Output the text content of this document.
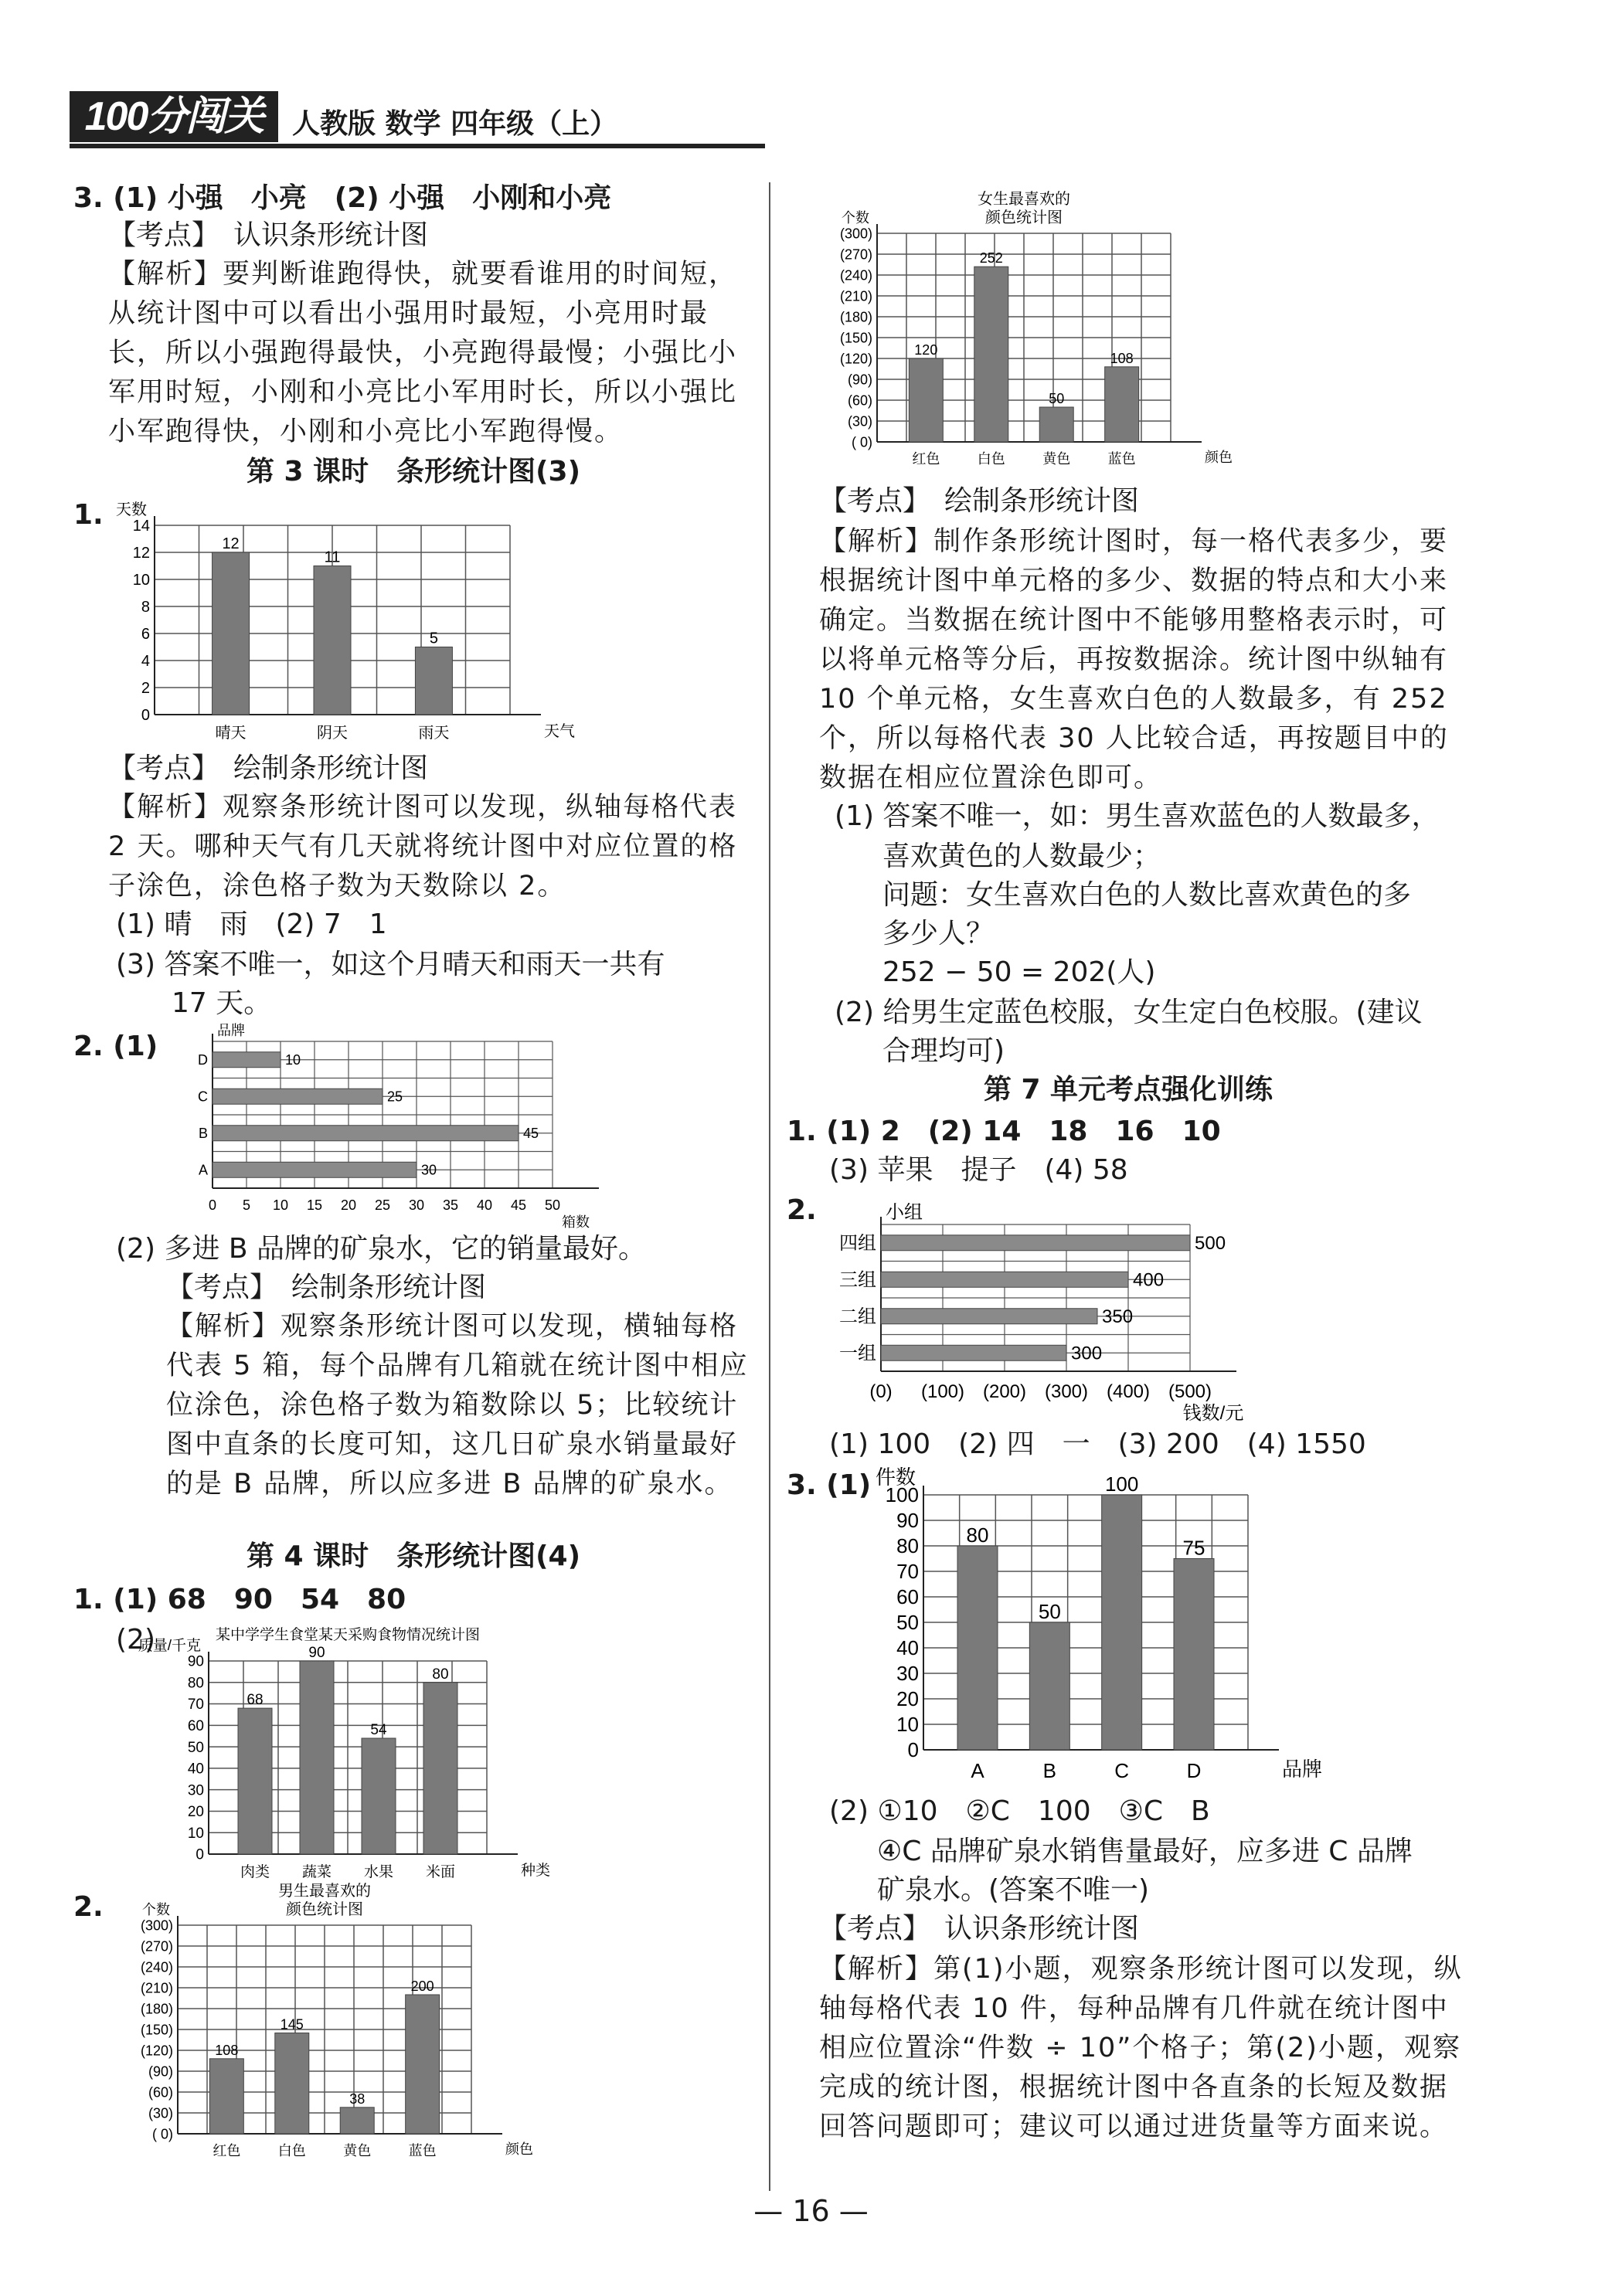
100分闯关	人教版 数学 四年级（上）
3. (1) 小强　小亮　(2) 小强　小刚和小亮
【考点】　认识条形统计图
【解析】要判断谁跑得快，就要看谁用的时间短，从统计图中可以看出小强用时最短，小亮用时最长，所以小强跑得最快，小亮跑得最慢；小强比小军用时短，小刚和小亮比小军用时长，所以小强比小军跑得快，小刚和小亮比小军跑得慢。
第 3 课时　条形统计图(3)
1.
0
2
4
6
8
10
12
14
天数
天气
12
晴天
11
阴天
5
雨天
【考点】　绘制条形统计图
【解析】观察条形统计图可以发现，纵轴每格代表 2 天。哪种天气有几天就将统计图中对应位置的格子涂色，涂色格子数为天数除以 2。
(1) 晴　雨　(2) 7　1
(3) 答案不唯一，如这个月晴天和雨天一共有
17 天。
2. (1)
0 5 10 15 20 25 30 35 40 45 50
品牌
箱数
30
A
45
B
25
C
10
D
(2) 多进 B 品牌的矿泉水，它的销量最好。
【考点】　绘制条形统计图
【解析】观察条形统计图可以发现，横轴每格代表 5 箱，每个品牌有几箱就在统计图中相应位涂色，涂色格子数为箱数除以 5；比较统计图中直条的长度可知，这几日矿泉水销量最好的是 B 品牌，所以应多进 B 品牌的矿泉水。
第 4 课时　条形统计图(4)
1. (1) 68　90　54　80
(2)	某中学学生食堂某天采购食物情况统计图
0
10
20
30
40
50
60
70
80
90
质量/千克
种类
68
肉类
90
蔬菜
54
水果
80
米面
2.	男生最喜欢的
颜色统计图
( 0)
(30)
(60)
(90)
(120)
(150)
(180)
(210)
(240)
(270)
(300)
个数
颜色
108
红色
145
白色
38
黄色
200
蓝色
女生最喜欢的
颜色统计图
( 0)
(30)
(60)
(90)
(120)
(150)
(180)
(210)
(240)
(270)
(300)
个数
颜色
120
红色
252
白色
50
黄色
108
蓝色
【考点】　绘制条形统计图
【解析】制作条形统计图时，每一格代表多少，要根据统计图中单元格的多少、数据的特点和大小来确定。当数据在统计图中不能够用整格表示时，可以将单元格等分后，再按数据涂。统计图中纵轴有 10 个单元格，女生喜欢白色的人数最多，有 252 个，所以每格代表 30 人比较合适，再按题目中的数据在相应位置涂色即可。
(1) 答案不唯一，如：男生喜欢蓝色的人数最多，
喜欢黄色的人数最少；
问题：女生喜欢白色的人数比喜欢黄色的多
多少人？
252 − 50 = 202(人)
(2) 给男生定蓝色校服，女生定白色校服。(建议
合理均可)
第 7 单元考点强化训练
1. (1) 2　(2) 14　18　16　10
(3) 苹果　提子　(4) 58
2.
(0) (100) (200) (300) (400) (500)
小组
钱数/元
300
一组
350
二组
400
三组
500
四组
(1) 100　(2) 四　一　(3) 200　(4) 1550
3. (1)
0
10
20
30
40
50
60
70
80
90
100
件数
品牌
80
A
50
B
100
C
75
D
(2) ①10　②C　100　③C　B
④C 品牌矿泉水销售量最好，应多进 C 品牌
矿泉水。(答案不唯一)
【考点】　认识条形统计图
【解析】第(1)小题，观察条形统计图可以发现，纵轴每格代表 10 件，每种品牌有几件就在统计图中相应位置涂“件数 ÷ 10”个格子；第(2)小题，观察完成的统计图，根据统计图中各直条的长短及数据回答问题即可；建议可以通过进货量等方面来说。
— 16 —
